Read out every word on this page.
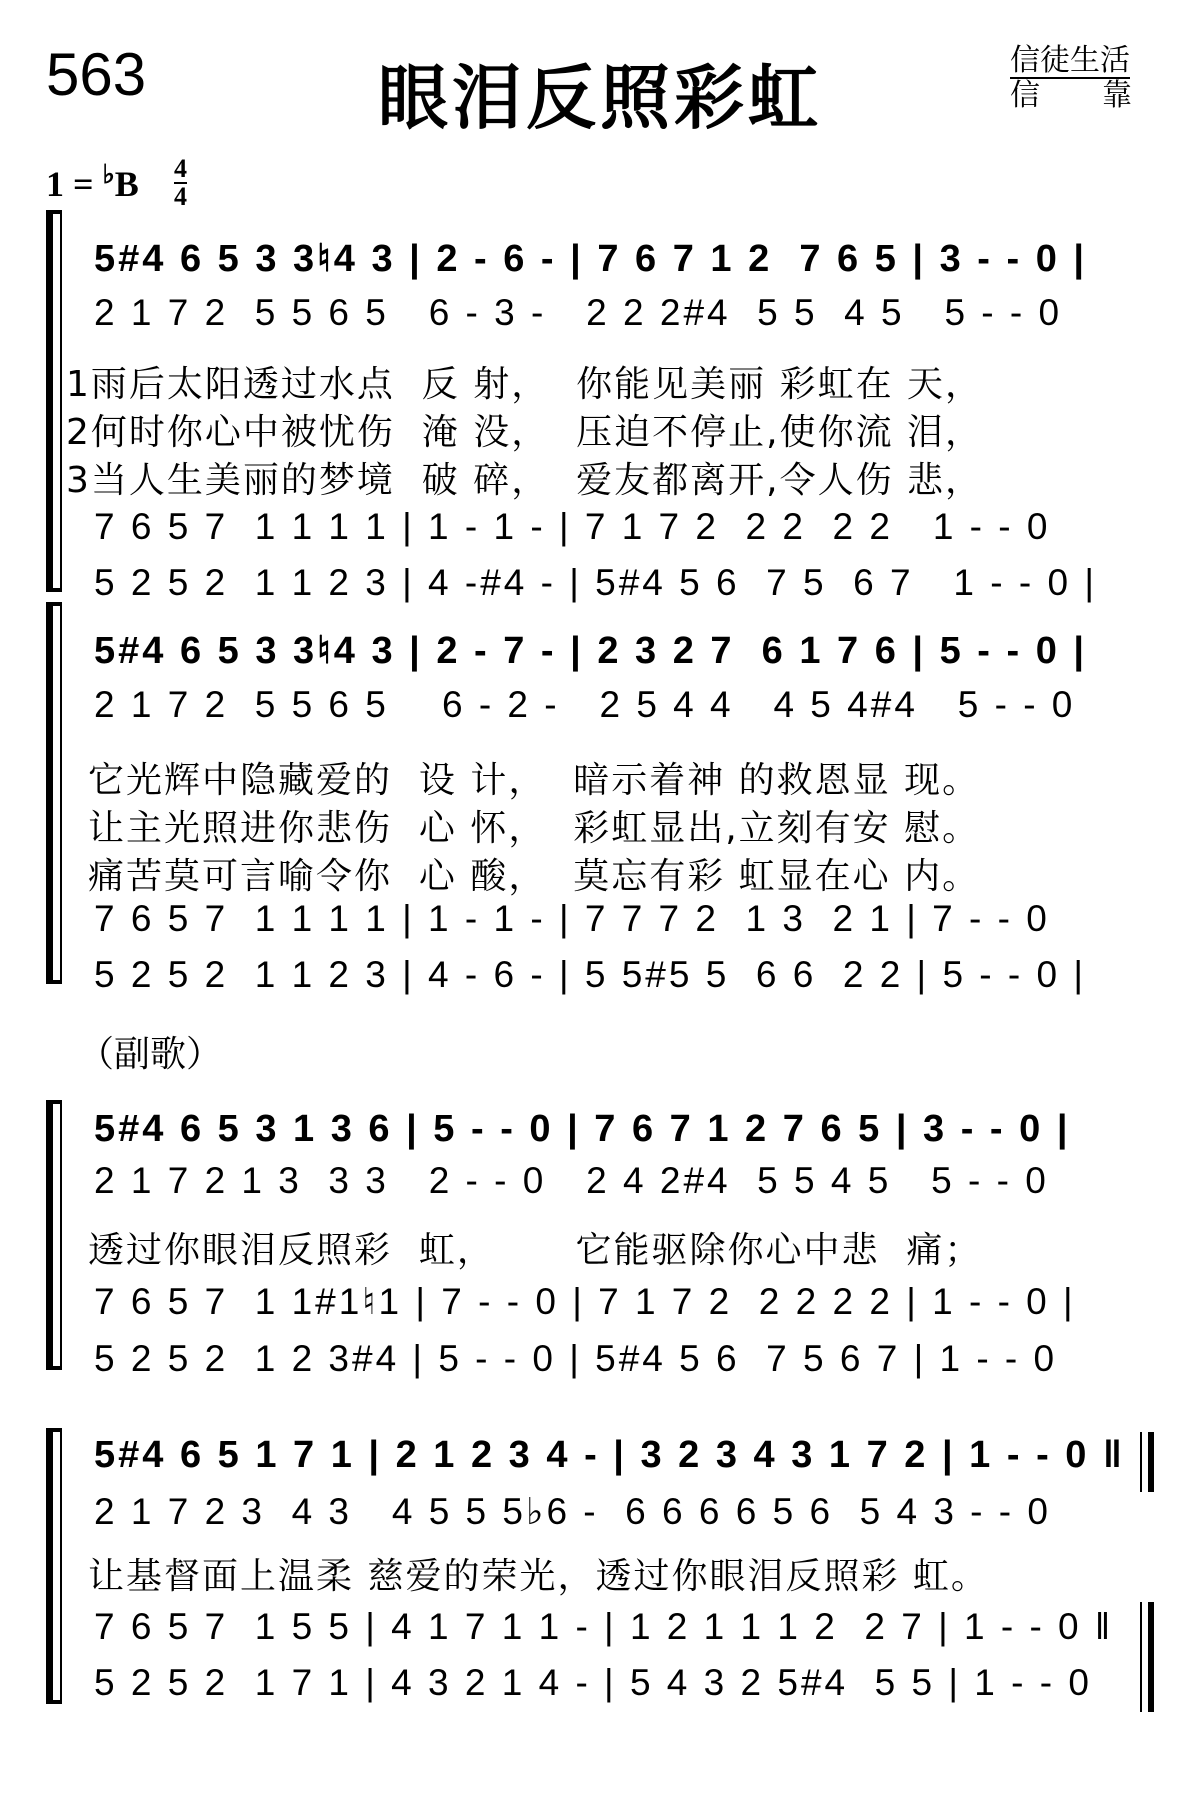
563	眼泪反照彩虹	信徒生活
信 靠
1 = ♭B 4
4
5#4 6 5 3 3♮4 3 | 2 - 6 - | 7 6 7 1 2  7 6 5 | 3 - - 0 |
2 1 7 2  5 5 6 5   6 - 3 -   2 2 2#4  5 5  4 5   5 - - 0
1雨后太阳透过水点  反 射，  你能见美丽 彩虹在 天，
2何时你心中被忧伤  淹 没，  压迫不停止,使你流 泪，
3当人生美丽的梦境  破 碎，  爱友都离开,令人伤 悲，
7 6 5 7  1 1 1 1 | 1 - 1 - | 7 1 7 2  2 2  2 2   1 - - 0
5 2 5 2  1 1 2 3 | 4 -#4 - | 5#4 5 6  7 5  6 7   1 - - 0 |
5#4 6 5 3 3♮4 3 | 2 - 7 - | 2 3 2 7  6 1 7 6 | 5 - - 0 |
2 1 7 2  5 5 6 5    6 - 2 -   2 5 4 4   4 5 4#4   5 - - 0
它光辉中隐藏爱的  设 计，  暗示着神 的救恩显 现。
让主光照进你悲伤  心 怀，  彩虹显出,立刻有安 慰。
痛苦莫可言喻令你  心 酸，  莫忘有彩 虹显在心 内。
7 6 5 7  1 1 1 1 | 1 - 1 - | 7 7 7 2  1 3  2 1 | 7 - - 0
5 2 5 2  1 1 2 3 | 4 - 6 - | 5 5#5 5  6 6  2 2 | 5 - - 0 |
（副歌）
5#4 6 5 3 1 3 6 | 5 - - 0 | 7 6 7 1 2 7 6 5 | 3 - - 0 |
2 1 7 2 1 3  3 3   2 - - 0   2 4 2#4  5 5 4 5   5 - - 0
透过你眼泪反照彩  虹，      它能驱除你心中悲  痛；
7 6 5 7  1 1#1♮1 | 7 - - 0 | 7 1 7 2  2 2 2 2 | 1 - - 0 |
5 2 5 2  1 2 3#4 | 5 - - 0 | 5#4 5 6  7 5 6 7 | 1 - - 0
5#4 6 5 1 7 1 | 2 1 2 3 4 - | 3 2 3 4 3 1 7 2 | 1 - - 0 ‖
2 1 7 2 3  4 3   4 5 5 5♭6 -  6 6 6 6 5 6  5 4 3 - - 0
让基督面上温柔 慈爱的荣光，透过你眼泪反照彩 虹。
7 6 5 7  1 5 5 | 4 1 7 1 1 - | 1 2 1 1 1 2  2 7 | 1 - - 0 ‖
5 2 5 2  1 7 1 | 4 3 2 1 4 - | 5 4 3 2 5#4  5 5 | 1 - - 0
